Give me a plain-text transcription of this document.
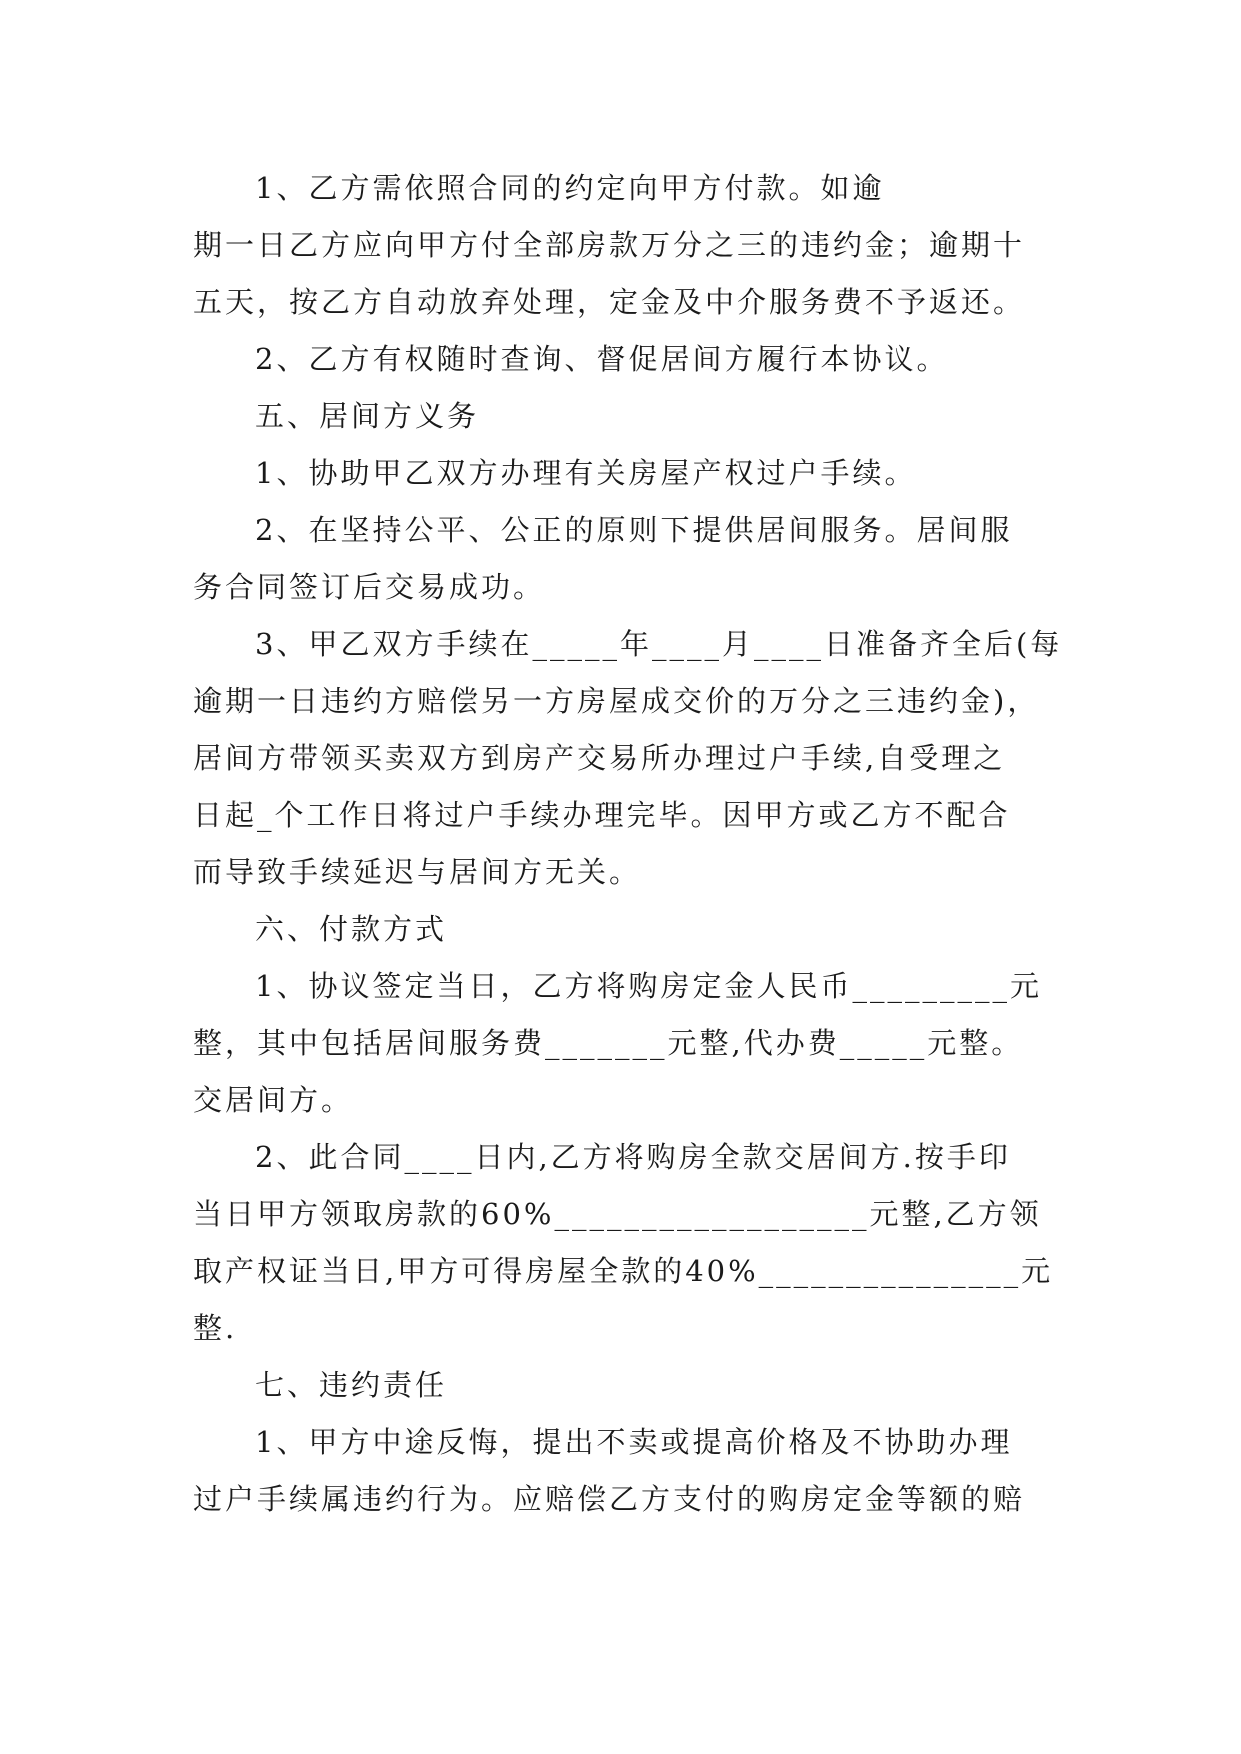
1、乙方需依照合同的约定向甲方付款。如逾
期一日乙方应向甲方付全部房款万分之三的违约金；逾期十
五天，按乙方自动放弃处理，定金及中介服务费不予返还。
2、乙方有权随时查询、督促居间方履行本协议。
五、居间方义务
1、协助甲乙双方办理有关房屋产权过户手续。
2、在坚持公平、公正的原则下提供居间服务。居间服
务合同签订后交易成功。
3、甲乙双方手续在_____年____月____日准备齐全后(每
逾期一日违约方赔偿另一方房屋成交价的万分之三违约金)，
居间方带领买卖双方到房产交易所办理过户手续,自受理之
日起_个工作日将过户手续办理完毕。因甲方或乙方不配合
而导致手续延迟与居间方无关。
六、付款方式
1、协议签定当日，乙方将购房定金人民币_________元
整，其中包括居间服务费_______元整,代办费_____元整。
交居间方。
2、此合同____日内,乙方将购房全款交居间方.按手印
当日甲方领取房款的60%__________________元整,乙方领
取产权证当日,甲方可得房屋全款的40%_______________元
整.
七、违约责任
1、甲方中途反悔，提出不卖或提高价格及不协助办理
过户手续属违约行为。应赔偿乙方支付的购房定金等额的赔
